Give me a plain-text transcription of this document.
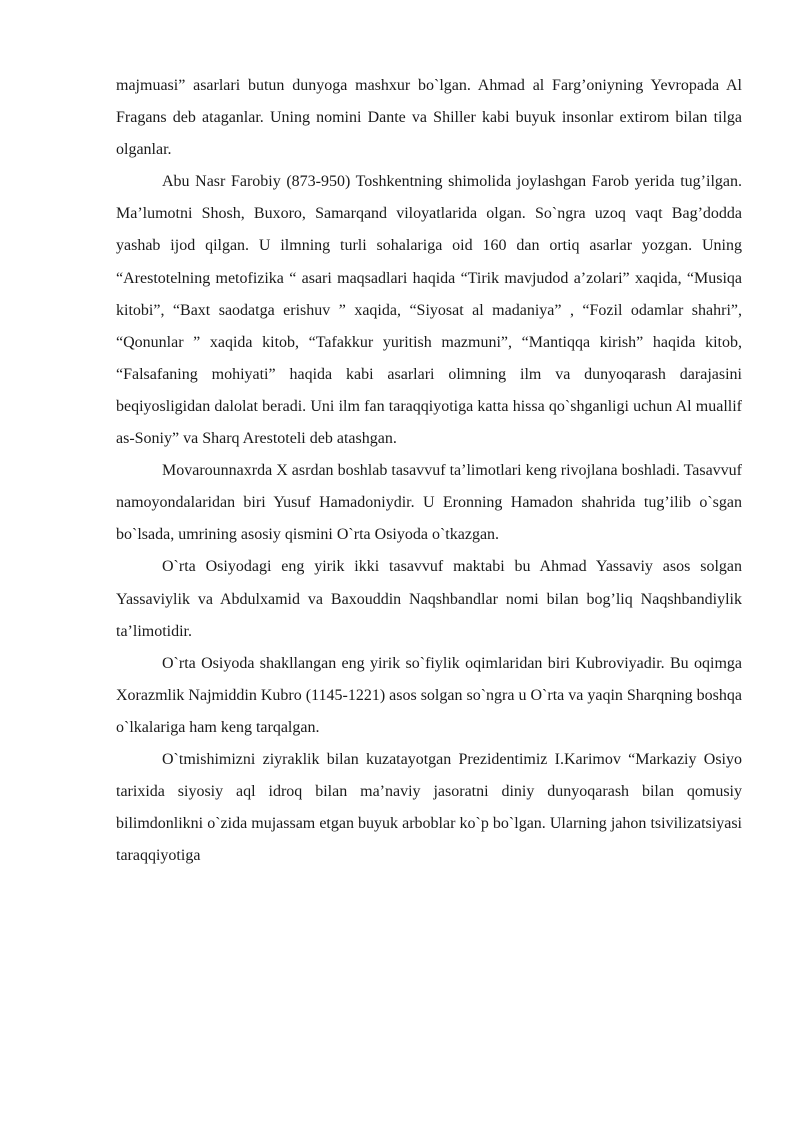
majmuasi” asarlari butun dunyoga mashxur bo`lgan. Ahmad al Farg’oniyning Yevropada Al Fragans deb ataganlar. Uning nomini Dante va Shiller kabi buyuk insonlar extirom bilan tilga olganlar.

Abu Nasr Farobiy (873-950) Toshkentning shimolida joylashgan Farob yerida tug’ilgan. Ma’lumotni Shosh, Buxoro, Samarqand viloyatlarida olgan. So`ngra uzoq vaqt Bag’dodda yashab ijod qilgan. U ilmning turli sohalariga oid 160 dan ortiq asarlar yozgan. Uning “Arestotelning metofizika “ asari maqsadlari haqida “Tirik mavjudod a’zolari” xaqida, “Musiqa kitobi”, “Baxt saodatga erishuv ” xaqida, “Siyosat al madaniya” , “Fozil odamlar shahri”, “Qonunlar ” xaqida kitob, “Tafakkur yuritish mazmuni”, “Mantiqqa kirish” haqida kitob, “Falsafaning mohiyati” haqida kabi asarlari olimning ilm va dunyoqarash darajasini beqiyosligidan dalolat beradi. Uni ilm fan taraqqiyotiga katta hissa qo`shganligi uchun Al muallif as-Soniy” va Sharq Arestoteli deb atashgan.

Movarounnaxrda X asrdan boshlab tasavvuf ta’limotlari keng rivojlana boshladi. Tasavvuf namoyondalaridan biri Yusuf Hamadoniydir. U Eronning Hamadon shahrida tug’ilib o`sgan bo`lsada, umrining asosiy qismini O`rta Osiyoda o`tkazgan.

O`rta Osiyodagi eng yirik ikki tasavvuf maktabi bu Ahmad Yassaviy asos solgan Yassaviylik va Abdulxamid va Baxouddin Naqshbandlar nomi bilan bog’liq Naqshbandiylik ta’limotidir.

O`rta Osiyoda shakllangan eng yirik so`fiylik oqimlaridan biri Kubroviyadir. Bu oqimga Xorazmlik Najmiddin Kubro (1145-1221) asos solgan so`ngra u O`rta va yaqin Sharqning boshqa o`lkalariga ham keng tarqalgan.

O`tmishimizni ziyraklik bilan kuzatayotgan Prezidentimiz I.Karimov “Markaziy Osiyo tarixida siyosiy aql idroq bilan ma’naviy jasoratni diniy dunyoqarash bilan qomusiy bilimdonlikni o`zida mujassam etgan buyuk arboblar ko`p bo`lgan. Ularning jahon tsivilizatsiyasi taraqqiyotiga
